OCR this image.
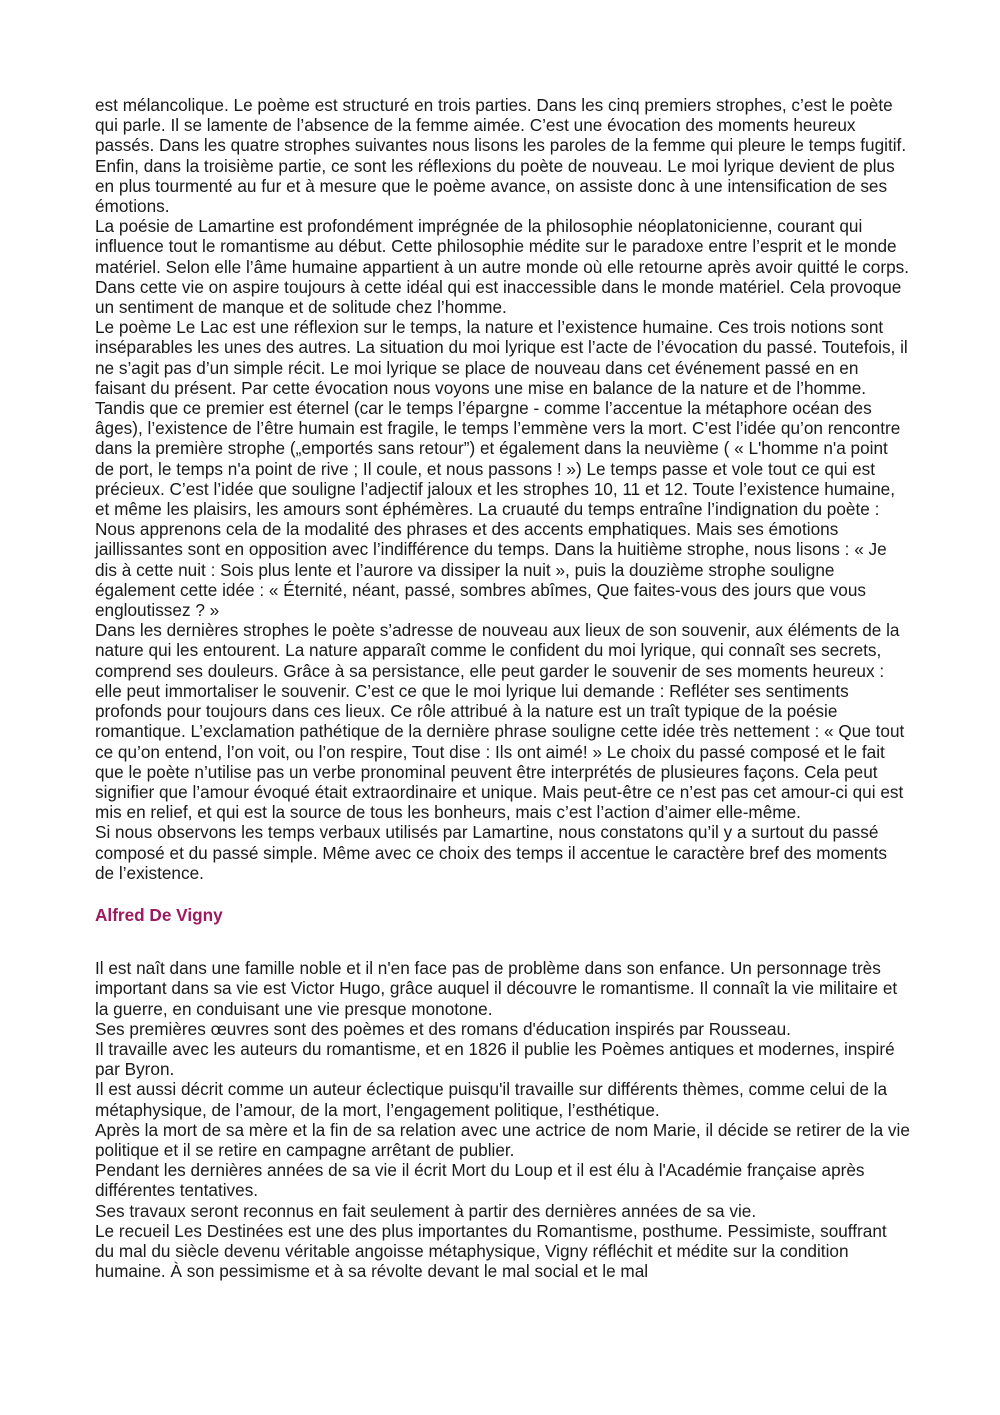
est mélancolique. Le poème est structuré en trois parties. Dans les cinq premiers strophes, c’est le poète qui parle. Il se lamente de l’absence de la femme aimée. C’est une évocation des moments heureux passés. Dans les quatre strophes suivantes nous lisons les paroles de la femme qui pleure le temps fugitif. Enfin, dans la troisième partie, ce sont les réflexions du poète de nouveau. Le moi lyrique devient de plus en plus tourmenté au fur et à mesure que le poème avance, on assiste donc à une intensification de ses émotions.

La poésie de Lamartine est profondément imprégnée de la philosophie néoplatonicienne, courant qui influence tout le romantisme au début. Cette philosophie médite sur le paradoxe entre l’esprit et le monde matériel. Selon elle l’âme humaine appartient à un autre monde où elle retourne après avoir quitté le corps. Dans cette vie on aspire toujours à cette idéal qui est inaccessible dans le monde matériel. Cela provoque un sentiment de manque et de solitude chez l’homme.

Le poème Le Lac est une réflexion sur le temps, la nature et l’existence humaine. Ces trois notions sont inséparables les unes des autres. La situation du moi lyrique est l’acte de l’évocation du passé. Toutefois, il ne s’agit pas d’un simple récit. Le moi lyrique se place de nouveau dans cet événement passé en en faisant du présent. Par cette évocation nous voyons une mise en balance de la nature et de l’homme. Tandis que ce premier est éternel (car le temps l’épargne - comme l’accentue la métaphore océan des âges), l’existence de l’être humain est fragile, le temps l’emmène vers la mort. C’est l’idée qu’on rencontre dans la première strophe („emportés sans retour”) et également dans la neuvième ( « L'homme n'a point de port, le temps n'a point de rive ; Il coule, et nous passons ! ») Le temps passe et vole tout ce qui est précieux. C’est l’idée que souligne l’adjectif jaloux et les strophes 10, 11 et 12. Toute l’existence humaine, et même les plaisirs, les amours sont éphémères. La cruauté du temps entraîne l’indignation du poète : Nous apprenons cela de la modalité des phrases et des accents emphatiques. Mais ses émotions jaillissantes sont en opposition avec l’indifférence du temps. Dans la huitième strophe, nous lisons : « Je dis à cette nuit : Sois plus lente et l’aurore va dissiper la nuit », puis la douzième strophe souligne également cette idée : « Éternité, néant, passé, sombres abîmes, Que faites-vous des jours que vous engloutissez ? »

Dans les dernières strophes le poète s’adresse de nouveau aux lieux de son souvenir, aux éléments de la nature qui les entourent. La nature apparaît comme le confident du moi lyrique, qui connaît ses secrets, comprend ses douleurs. Grâce à sa persistance, elle peut garder le souvenir de ses moments heureux : elle peut immortaliser le souvenir. C’est ce que le moi lyrique lui demande : Refléter ses sentiments profonds pour toujours dans ces lieux. Ce rôle attribué à la nature est un traît typique de la poésie romantique. L’exclamation pathétique de la dernière phrase souligne cette idée très nettement : « Que tout ce qu’on entend, l’on voit, ou l’on respire, Tout dise : Ils ont aimé! » Le choix du passé composé et le fait que le poète n’utilise pas un verbe pronominal peuvent être interprétés de plusieures façons. Cela peut signifier que l’amour évoqué était extraordinaire et unique. Mais peut-être ce n’est pas cet amour-ci qui est mis en relief, et qui est la source de tous les bonheurs, mais c’est l’action d’aimer elle-même.

Si nous observons les temps verbaux utilisés par Lamartine, nous constatons qu’il y a surtout du passé composé et du passé simple. Même avec ce choix des temps il accentue le caractère bref des moments de l’existence.

Alfred De Vigny

Il est naît dans une famille noble et il n'en face pas de problème dans son enfance. Un personnage très important dans sa vie est Victor Hugo, grâce auquel il découvre le romantisme. Il connaît la vie militaire et la guerre, en conduisant une vie presque monotone.

Ses premières œuvres sont des poèmes et des romans d'éducation inspirés par Rousseau.

Il travaille avec les auteurs du romantisme, et en 1826 il publie les Poèmes antiques et modernes, inspiré par Byron.

Il est aussi décrit comme un auteur éclectique puisqu'il travaille sur différents thèmes, comme celui de la métaphysique, de l’amour, de la mort, l’engagement politique, l’esthétique.

Après la mort de sa mère et la fin de sa relation avec une actrice de nom Marie, il décide se retirer de la vie politique et il se retire en campagne arrêtant de publier.

Pendant les dernières années de sa vie il écrit Mort du Loup et il est élu à l'Académie française après différentes tentatives.

Ses travaux seront reconnus en fait seulement à partir des dernières années de sa vie.

Le recueil Les Destinées est une des plus importantes du Romantisme, posthume. Pessimiste, souffrant du mal du siècle devenu véritable angoisse métaphysique, Vigny réfléchit et médite sur la condition humaine. À son pessimisme et à sa révolte devant le mal social et le mal
